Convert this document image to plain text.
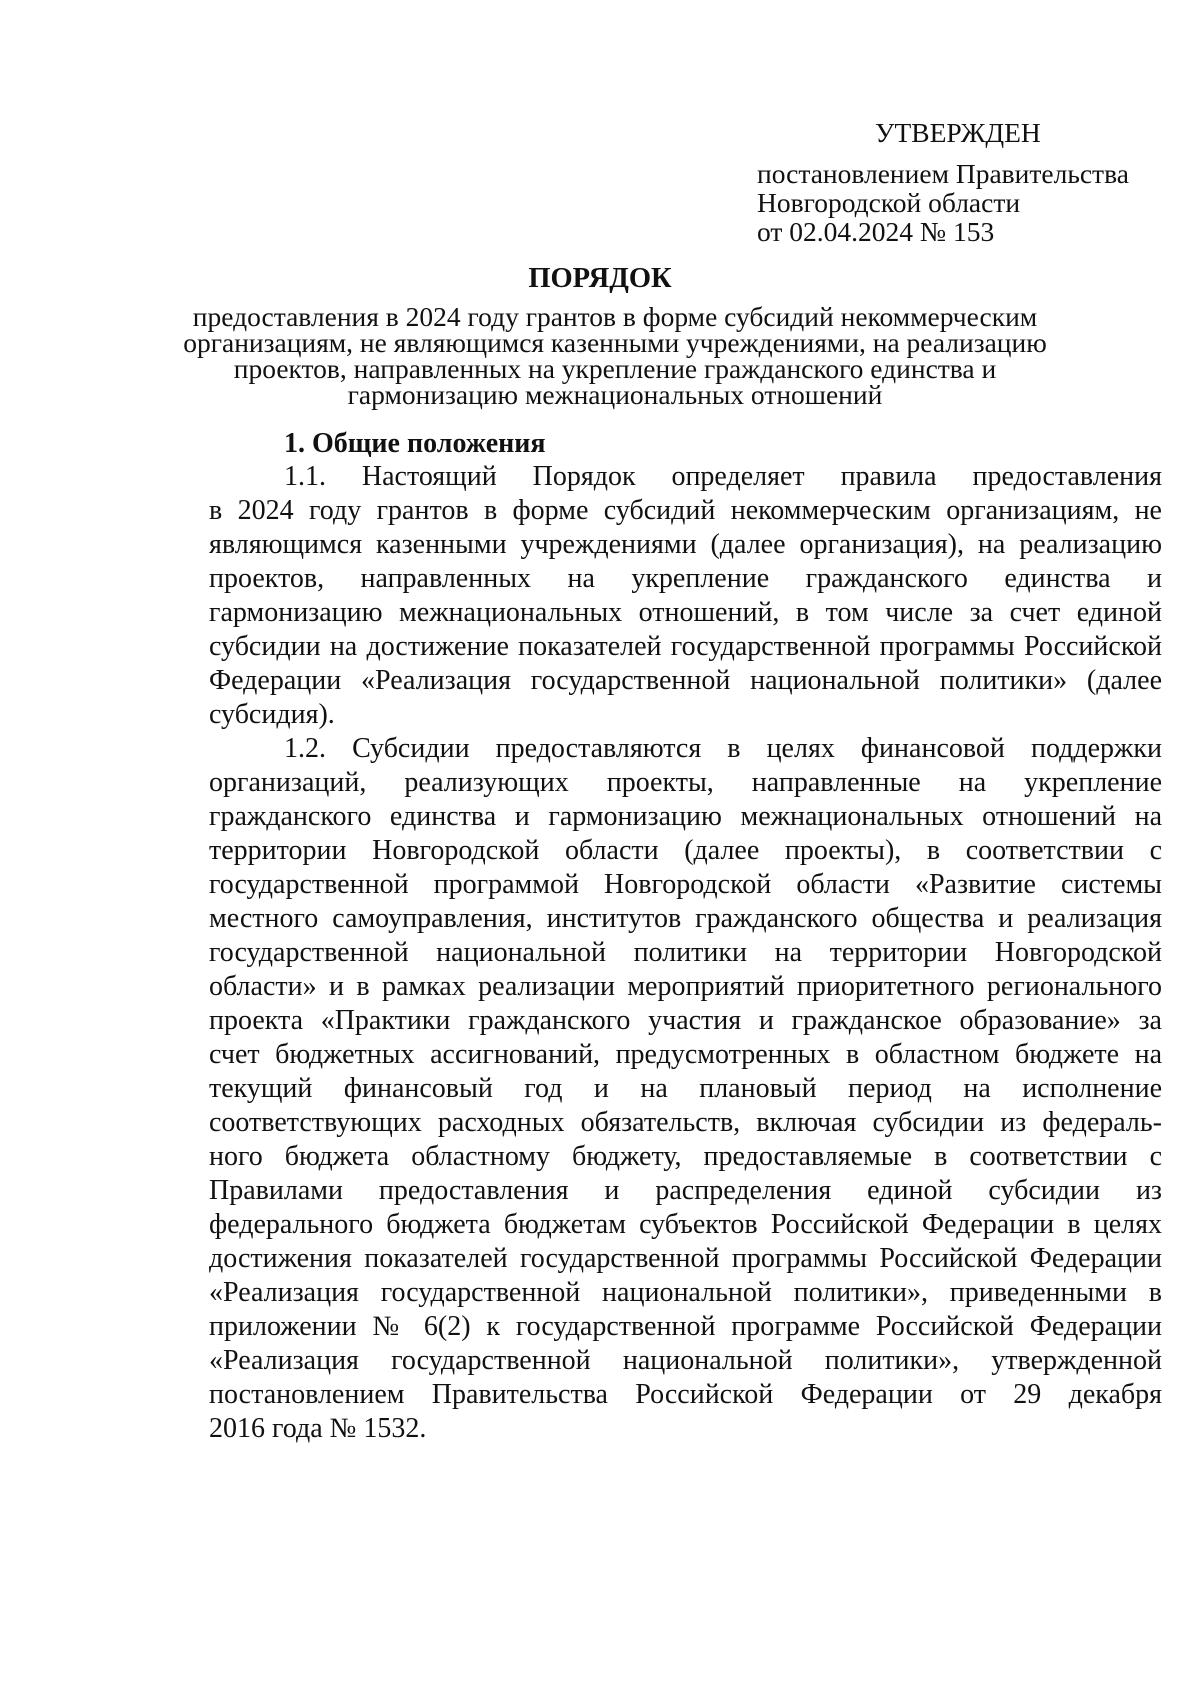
УТВЕРЖДЕН
постановлением Правительства
Новгородской области
от 02.04.2024 № 153
ПОРЯДОК
предоставления в 2024 году грантов в форме субсидий некоммерческим
организациям, не являющимся казенными учреждениями, на реализацию
проектов, направленных на укрепление гражданского единства и
гармонизацию межнациональных отношений
1. Общие положения
1.1. Настоящий Порядок определяет правила предоставления
в 2024 году грантов в форме субсидий некоммерческим организациям, не
являющимся казенными учреждениями (далее организация), на реализацию
проектов, направленных на укрепление гражданского единства и
гармонизацию межнациональных отношений, в том числе за счет единой
субсидии на достижение показателей государственной программы Российской
Федерации «Реализация государственной национальной политики» (далее
субсидия).
1.2. Субсидии предоставляются в целях финансовой поддержки
организаций, реализующих проекты, направленные на укрепление
гражданского единства и гармонизацию межнациональных отношений на
территории Новгородской области (далее проекты), в соответствии с
государственной программой Новгородской области «Развитие системы
местного самоуправления, институтов гражданского общества и реализация
государственной национальной политики на территории Новгородской
области» и в рамках реализации мероприятий приоритетного регионального
проекта «Практики гражданского участия и гражданское образование» за
счет бюджетных ассигнований, предусмотренных в областном бюджете на
текущий финансовый год и на плановый период на исполнение
соответствующих расходных обязательств, включая субсидии из федераль-
ного бюджета областному бюджету, предоставляемые в соответствии с
Правилами предоставления и распределения единой субсидии из
федерального бюджета бюджетам субъектов Российской Федерации в целях
достижения показателей государственной программы Российской Федерации
«Реализация государственной национальной политики», приведенными в
приложении № 6(2) к государственной программе Российской Федерации
«Реализация государственной национальной политики», утвержденной
постановлением Правительства Российской Федерации от 29 декабря
2016 года № 1532.
